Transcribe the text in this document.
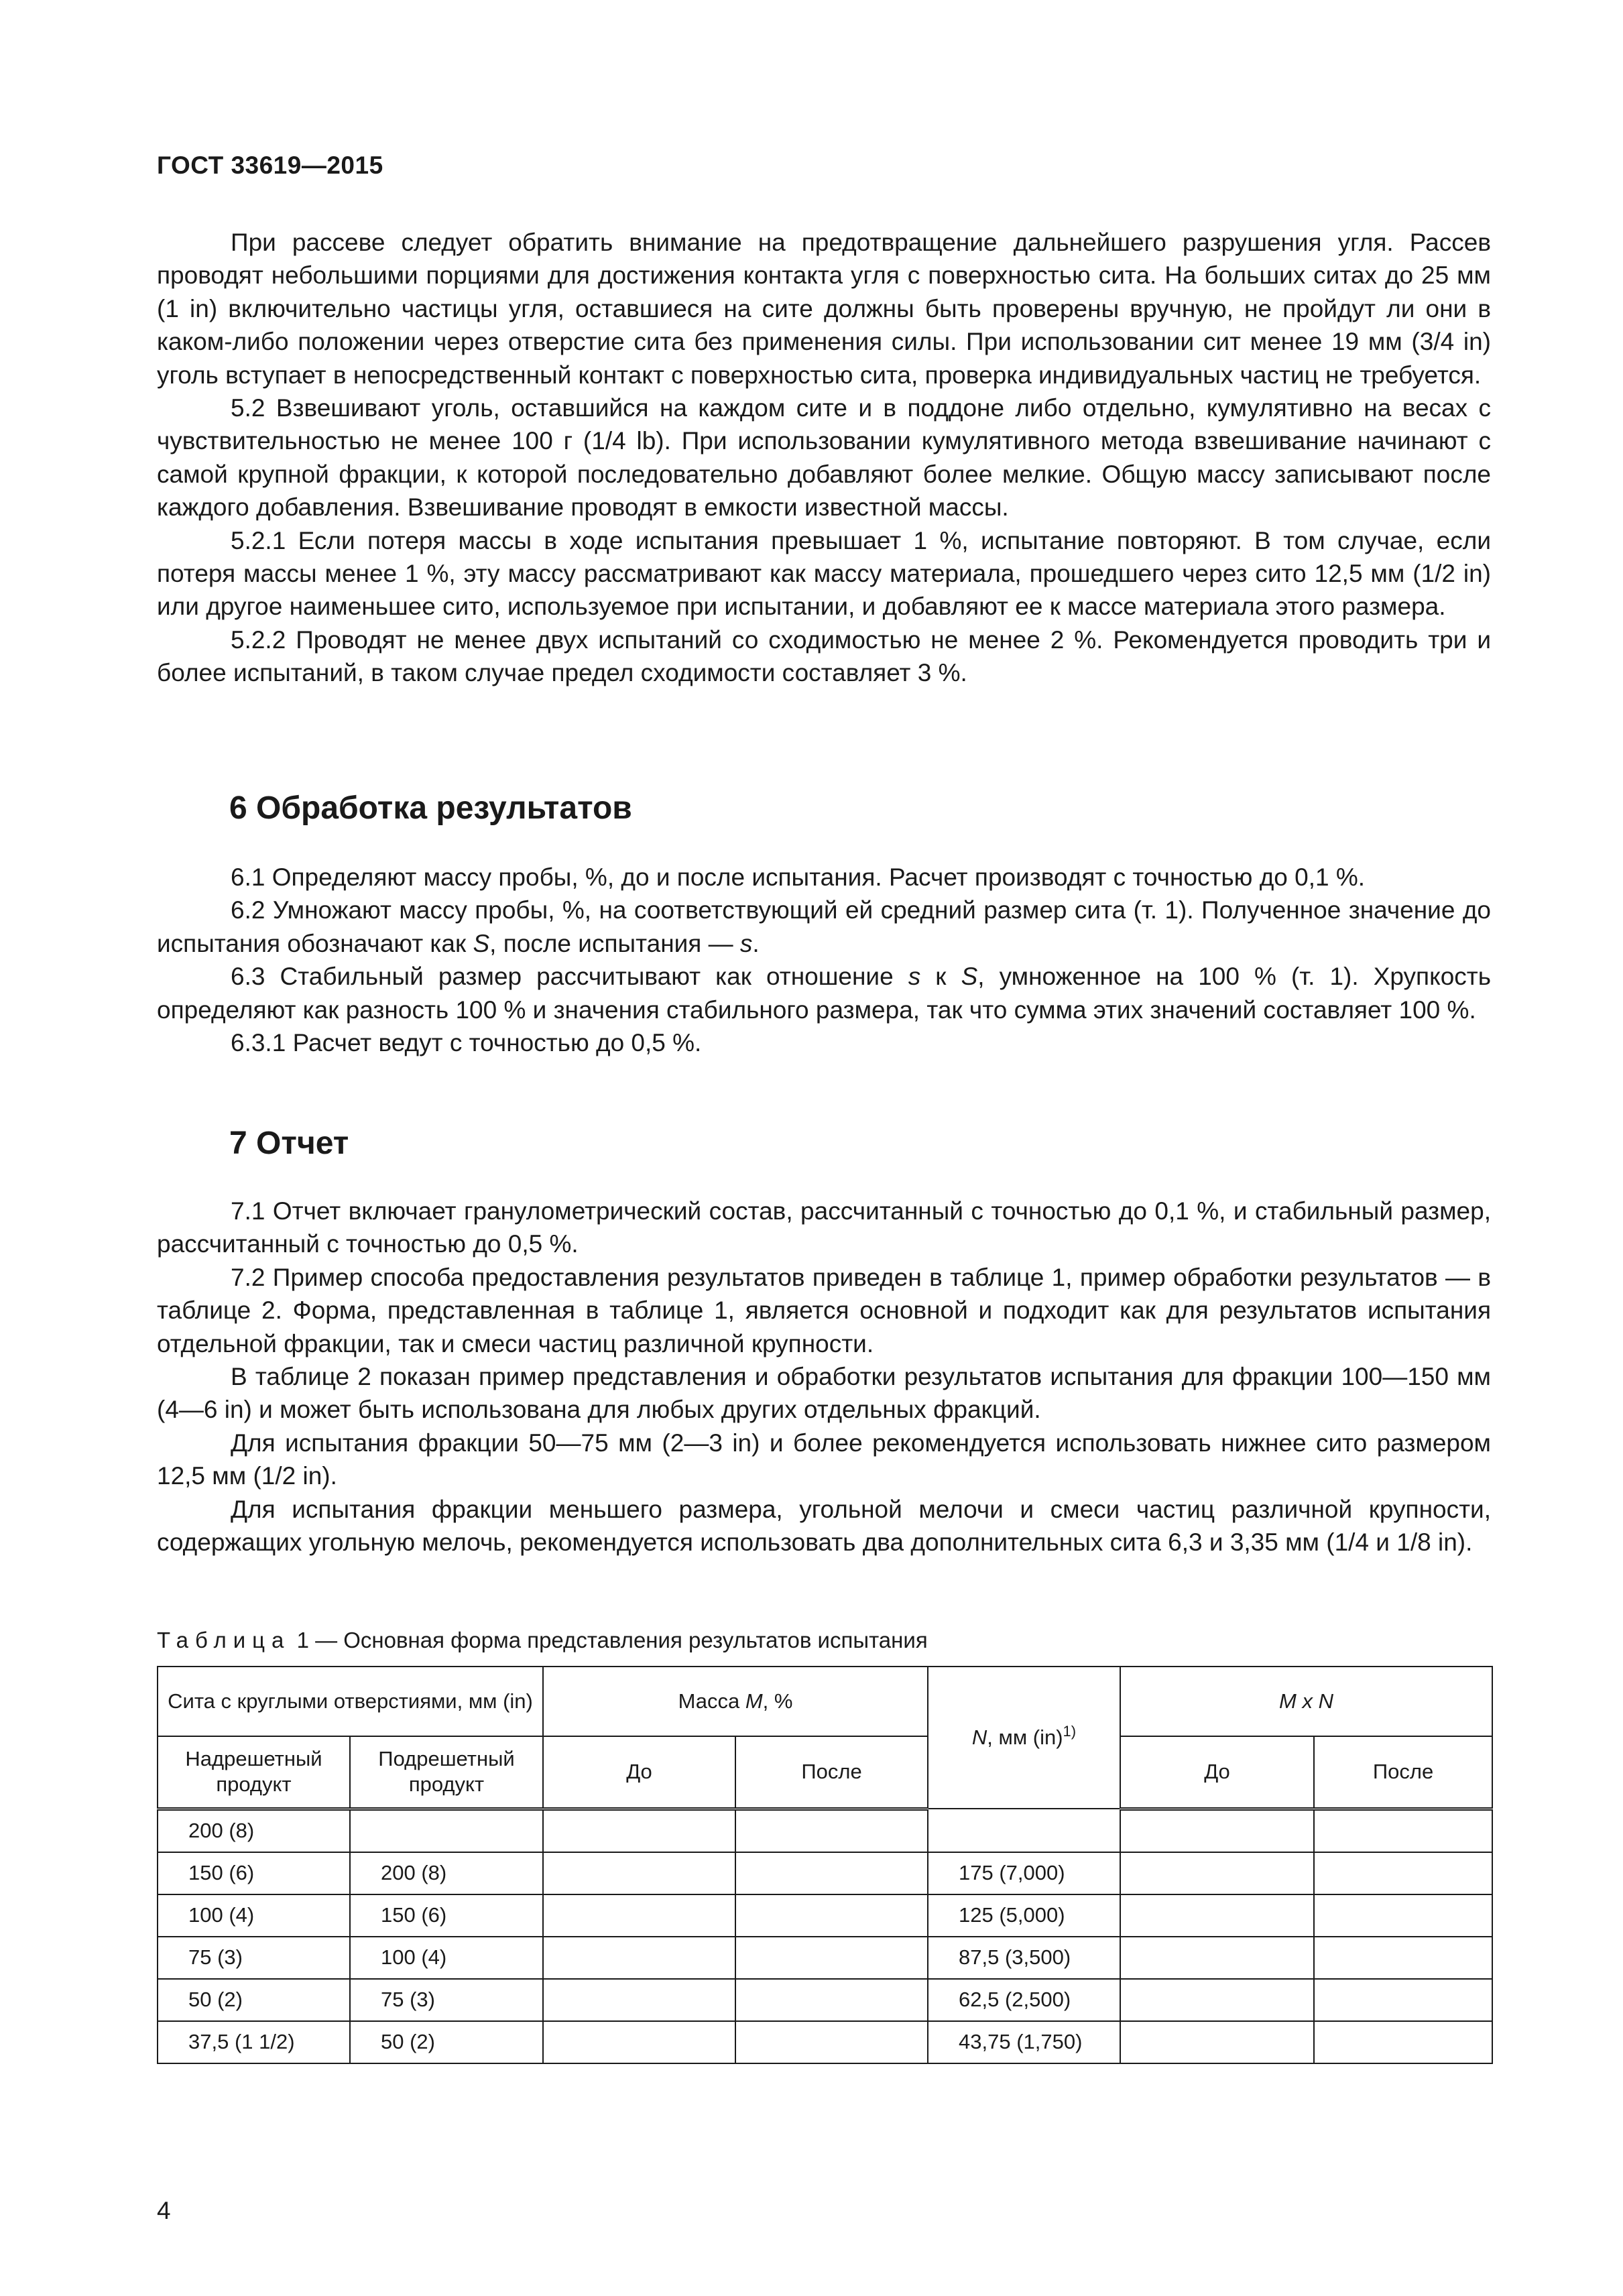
ГОСТ 33619—2015

При рассеве следует обратить внимание на предотвращение дальнейшего разрушения угля. Рассев проводят небольшими порциями для достижения контакта угля с поверхностью сита. На больших ситах до 25 мм (1 in) включительно частицы угля, оставшиеся на сите должны быть проверены вручную, не пройдут ли они в каком-либо положении через отверстие сита без применения силы. При использовании сит менее 19 мм (3/4 in) уголь вступает в непосредственный контакт с поверхностью сита, проверка индивидуальных частиц не требуется.

5.2 Взвешивают уголь, оставшийся на каждом сите и в поддоне либо отдельно, кумулятивно на весах с чувствительностью не менее 100 г (1/4 lb). При использовании кумулятивного метода взвешивание начинают с самой крупной фракции, к которой последовательно добавляют более мелкие. Общую массу записывают после каждого добавления. Взвешивание проводят в емкости известной массы.

5.2.1 Если потеря массы в ходе испытания превышает 1 %, испытание повторяют. В том случае, если потеря массы менее 1 %, эту массу рассматривают как массу материала, прошедшего через сито 12,5 мм (1/2 in) или другое наименьшее сито, используемое при испытании, и добавляют ее к массе материала этого размера.

5.2.2 Проводят не менее двух испытаний со сходимостью не менее 2 %. Рекомендуется проводить три и более испытаний, в таком случае предел сходимости составляет 3 %.

6 Обработка результатов

6.1 Определяют массу пробы, %, до и после испытания. Расчет производят с точностью до 0,1 %.

6.2 Умножают массу пробы, %, на соответствующий ей средний размер сита (т. 1). Полученное значение до испытания обозначают как S, после испытания — s.

6.3 Стабильный размер рассчитывают как отношение s к S, умноженное на 100 % (т. 1). Хрупкость определяют как разность 100 % и значения стабильного размера, так что сумма этих значений составляет 100 %.

6.3.1 Расчет ведут с точностью до 0,5 %.

7 Отчет

7.1 Отчет включает гранулометрический состав, рассчитанный с точностью до 0,1 %, и стабильный размер, рассчитанный с точностью до 0,5 %.

7.2 Пример способа предоставления результатов приведен в таблице 1, пример обработки результатов — в таблице 2. Форма, представленная в таблице 1, является основной и подходит как для результатов испытания отдельной фракции, так и смеси частиц различной крупности.

В таблице 2 показан пример представления и обработки результатов испытания для фракции 100—150 мм (4—6 in) и может быть использована для любых других отдельных фракций.

Для испытания фракции 50—75 мм (2—3 in) и более рекомендуется использовать нижнее сито размером 12,5 мм (1/2 in).

Для испытания фракции меньшего размера, угольной мелочи и смеси частиц различной крупности, содержащих угольную мелочь, рекомендуется использовать два дополнительных сита 6,3 и 3,35 мм (1/4 и 1/8 in).

Таблица 1 — Основная форма представления результатов испытания
Сита с круглыми отверстиями, мм (in)		Масса M, %		N, мм (in)$^{1)}$	M x N	
Надрешетный продукт	Подрешетный продукт	До	После		До	После
200 (8)						
150 (6)	200 (8)			175 (7,000)		
100 (4)	150 (6)			125 (5,000)		
75 (3)	100 (4)			87,5 (3,500)		
50 (2)	75 (3)			62,5 (2,500)		
37,5 (1 1/2)	50 (2)			43,75 (1,750)		
4
